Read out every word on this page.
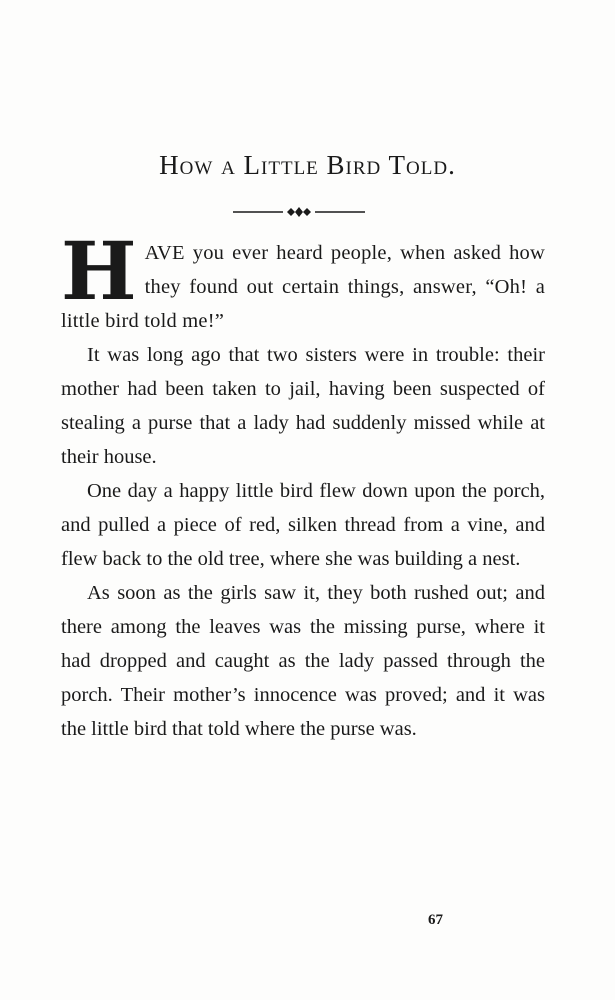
How a Little Bird Told.

HAVE you ever heard people, when asked how they found out certain things, answer, “Oh! a little bird told me!”

It was long ago that two sisters were in trouble: their mother had been taken to jail, having been suspected of stealing a purse that a lady had suddenly missed while at their house.

One day a happy little bird flew down upon the porch, and pulled a piece of red, silken thread from a vine, and flew back to the old tree, where she was building a nest.

As soon as the girls saw it, they both rushed out; and there among the leaves was the missing purse, where it had dropped and caught as the lady passed through the porch. Their mother’s innocence was proved; and it was the little bird that told where the purse was.

67
